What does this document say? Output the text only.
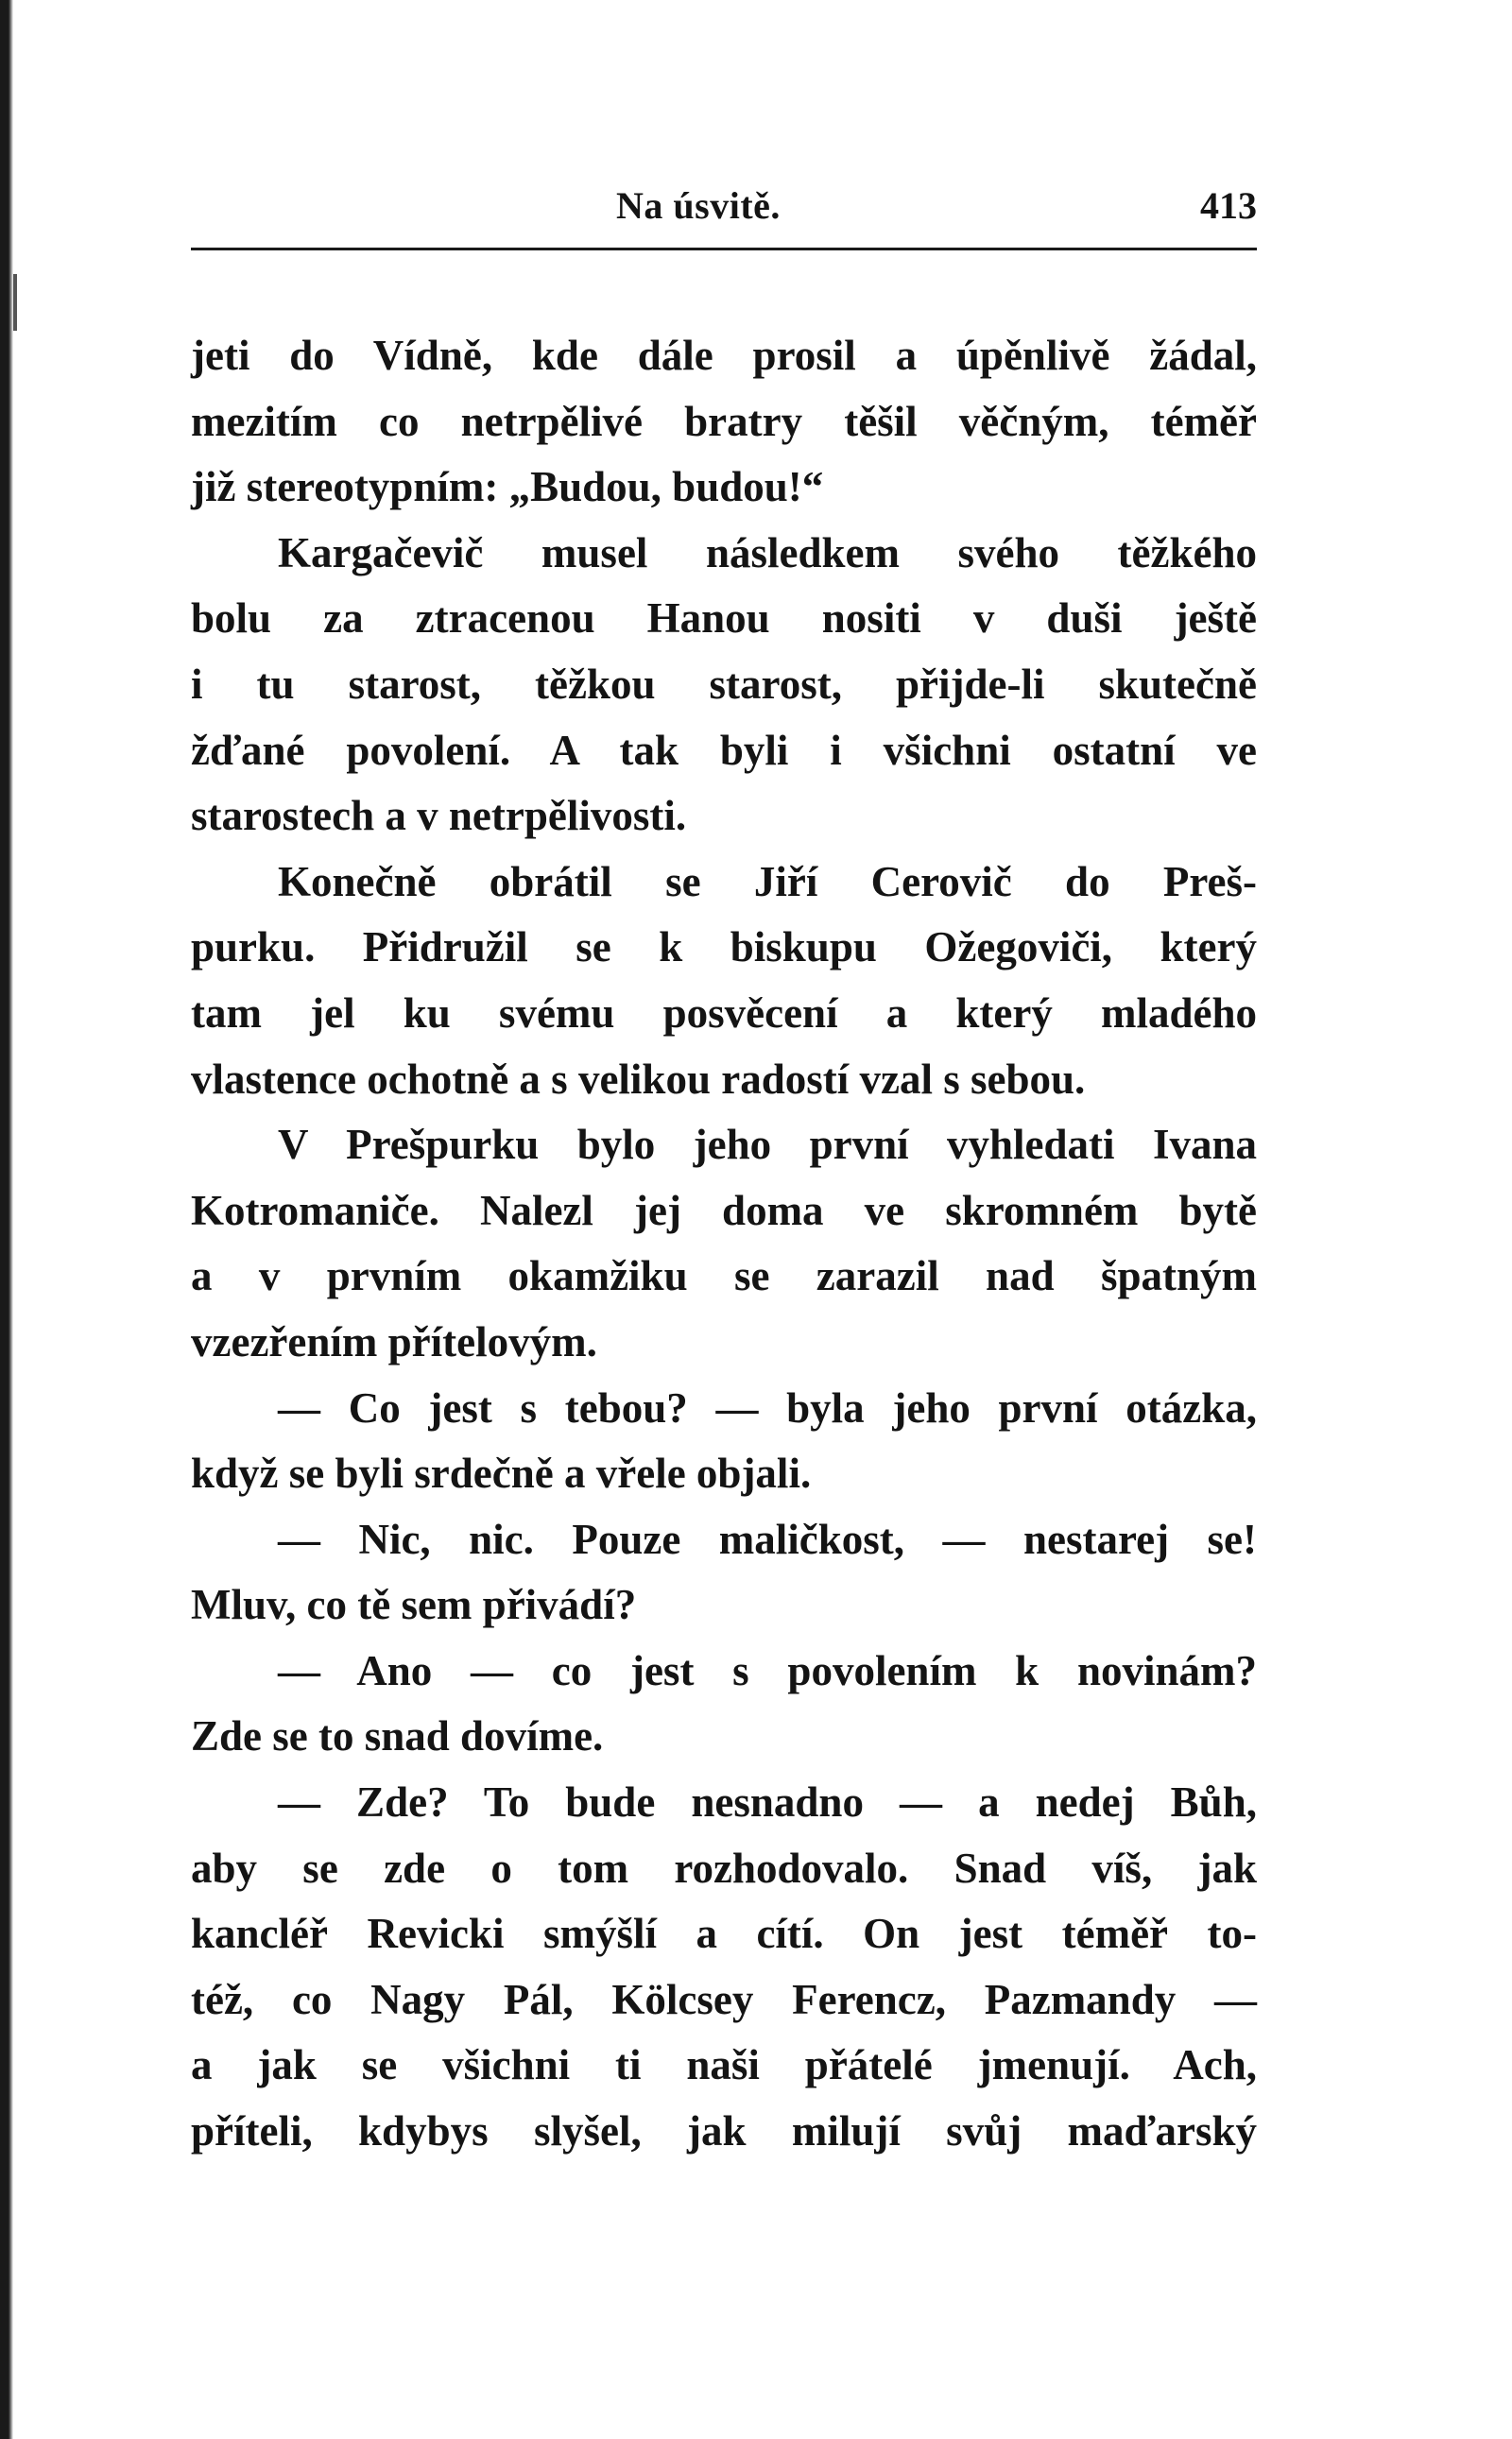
Na úsvitě.	413
jeti do Vídně, kde dále prosil a úpěnlivě žádal,
mezitím co netrpělivé bratry těšil věčným, téměř
již stereotypním: „Budou, budou!“
Kargačevič musel následkem svého těžkého
bolu za ztracenou Hanou nositi v duši ještě
i tu starost, těžkou starost, přijde-li skutečně
žďané povolení. A tak byli i všichni ostatní ve
starostech a v netrpělivosti.
Konečně obrátil se Jiří Cerovič do Preš-
purku. Přidružil se k biskupu Ožegoviči, který
tam jel ku svému posvěcení a který mladého
vlastence ochotně a s velikou radostí vzal s sebou.
V Prešpurku bylo jeho první vyhledati Ivana
Kotromaniče. Nalezl jej doma ve skromném bytě
a v prvním okamžiku se zarazil nad špatným
vzezřením přítelovým.
— Co jest s tebou? — byla jeho první otázka,
když se byli srdečně a vřele objali.
— Nic, nic. Pouze maličkost, — nestarej se!
Mluv, co tě sem přivádí?
— Ano — co jest s povolením k novinám?
Zde se to snad dovíme.
— Zde? To bude nesnadno — a nedej Bůh,
aby se zde o tom rozhodovalo. Snad víš, jak
kancléř Revicki smýšlí a cítí. On jest téměř to-
též, co Nagy Pál, Kölcsey Ferencz, Pazmandy —
a jak se všichni ti naši přátelé jmenují. Ach,
příteli, kdybys slyšel, jak milují svůj maďarský
